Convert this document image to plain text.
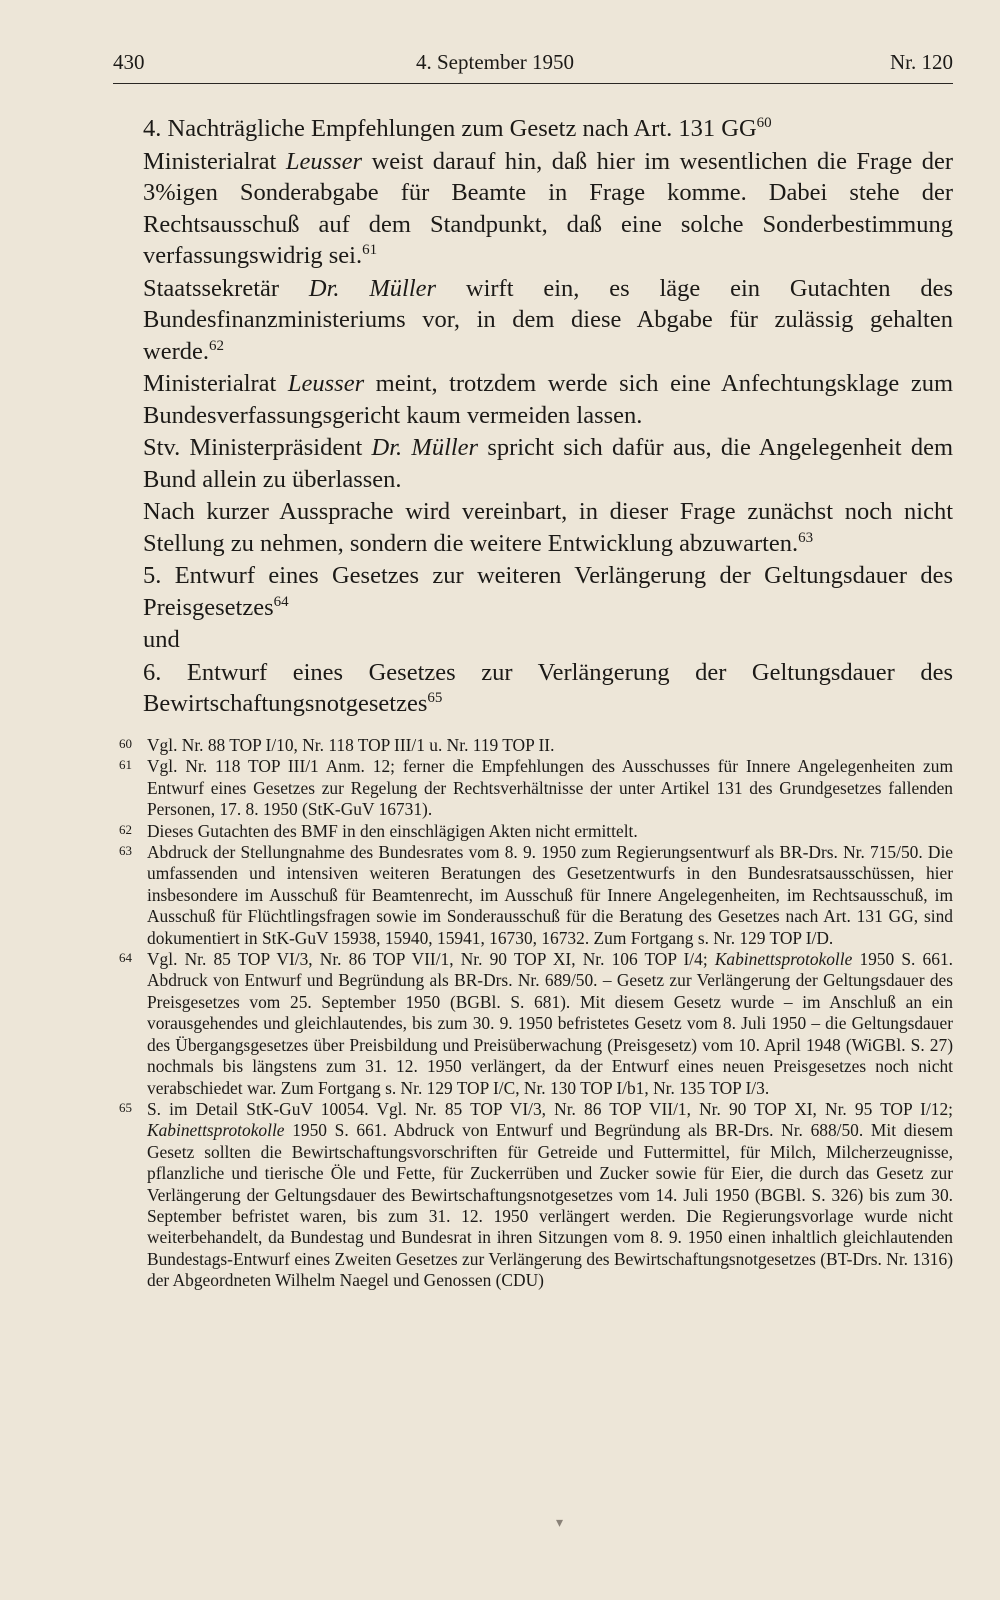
430	4. September 1950	Nr. 120

4. Nachträgliche Empfehlungen zum Gesetz nach Art. 131 GG$^{60}$

Ministerialrat Leusser weist darauf hin, daß hier im wesentlichen die Frage der 3%igen Sonderabgabe für Beamte in Frage komme. Dabei stehe der Rechtsausschuß auf dem Standpunkt, daß eine solche Sonderbestimmung verfassungswidrig sei.$^{61}$

Staatssekretär Dr. Müller wirft ein, es läge ein Gutachten des Bundesfinanzministeriums vor, in dem diese Abgabe für zulässig gehalten werde.$^{62}$

Ministerialrat Leusser meint, trotzdem werde sich eine Anfechtungsklage zum Bundesverfassungsgericht kaum vermeiden lassen.

Stv. Ministerpräsident Dr. Müller spricht sich dafür aus, die Angelegenheit dem Bund allein zu überlassen.

Nach kurzer Aussprache wird vereinbart, in dieser Frage zunächst noch nicht Stellung zu nehmen, sondern die weitere Entwicklung abzuwarten.$^{63}$

5. Entwurf eines Gesetzes zur weiteren Verlängerung der Geltungsdauer des Preisgesetzes$^{64}$

und

6. Entwurf eines Gesetzes zur Verlängerung der Geltungsdauer des Bewirtschaftungsnotgesetzes$^{65}$

60 Vgl. Nr. 88 TOP I/10, Nr. 118 TOP III/1 u. Nr. 119 TOP II.
61 Vgl. Nr. 118 TOP III/1 Anm. 12; ferner die Empfehlungen des Ausschusses für Innere Angelegenheiten zum Entwurf eines Gesetzes zur Regelung der Rechtsverhältnisse der unter Artikel 131 des Grundgesetzes fallenden Personen, 17. 8. 1950 (StK-GuV 16731).
62 Dieses Gutachten des BMF in den einschlägigen Akten nicht ermittelt.
63 Abdruck der Stellungnahme des Bundesrates vom 8. 9. 1950 zum Regierungsentwurf als BR-Drs. Nr. 715/50. Die umfassenden und intensiven weiteren Beratungen des Gesetzentwurfs in den Bundesratsausschüssen, hier insbesondere im Ausschuß für Beamtenrecht, im Ausschuß für Innere Angelegenheiten, im Rechtsausschuß, im Ausschuß für Flüchtlingsfragen sowie im Sonderausschuß für die Beratung des Gesetzes nach Art. 131 GG, sind dokumentiert in StK-GuV 15938, 15940, 15941, 16730, 16732. Zum Fortgang s. Nr. 129 TOP I/D.
64 Vgl. Nr. 85 TOP VI/3, Nr. 86 TOP VII/1, Nr. 90 TOP XI, Nr. 106 TOP I/4; Kabinettsprotokolle 1950 S. 661. Abdruck von Entwurf und Begründung als BR-Drs. Nr. 689/50. – Gesetz zur Verlängerung der Geltungsdauer des Preisgesetzes vom 25. September 1950 (BGBl. S. 681). Mit diesem Gesetz wurde – im Anschluß an ein vorausgehendes und gleichlautendes, bis zum 30. 9. 1950 befristetes Gesetz vom 8. Juli 1950 – die Geltungsdauer des Übergangsgesetzes über Preisbildung und Preisüberwachung (Preisgesetz) vom 10. April 1948 (WiGBl. S. 27) nochmals bis längstens zum 31. 12. 1950 verlängert, da der Entwurf eines neuen Preisgesetzes noch nicht verabschiedet war. Zum Fortgang s. Nr. 129 TOP I/C, Nr. 130 TOP I/b1, Nr. 135 TOP I/3.
65 S. im Detail StK-GuV 10054. Vgl. Nr. 85 TOP VI/3, Nr. 86 TOP VII/1, Nr. 90 TOP XI, Nr. 95 TOP I/12; Kabinettsprotokolle 1950 S. 661. Abdruck von Entwurf und Begründung als BR-Drs. Nr. 688/50. Mit diesem Gesetz sollten die Bewirtschaftungsvorschriften für Getreide und Futtermittel, für Milch, Milcherzeugnisse, pflanzliche und tierische Öle und Fette, für Zuckerrüben und Zucker sowie für Eier, die durch das Gesetz zur Verlängerung der Geltungsdauer des Bewirtschaftungsnotgesetzes vom 14. Juli 1950 (BGBl. S. 326) bis zum 30. September befristet waren, bis zum 31. 12. 1950 verlängert werden. Die Regierungsvorlage wurde nicht weiterbehandelt, da Bundestag und Bundesrat in ihren Sitzungen vom 8. 9. 1950 einen inhaltlich gleichlautenden Bundestags-Entwurf eines Zweiten Gesetzes zur Verlängerung des Bewirtschaftungsnotgesetzes (BT-Drs. Nr. 1316) der Abgeordneten Wilhelm Naegel und Genossen (CDU)
▾
